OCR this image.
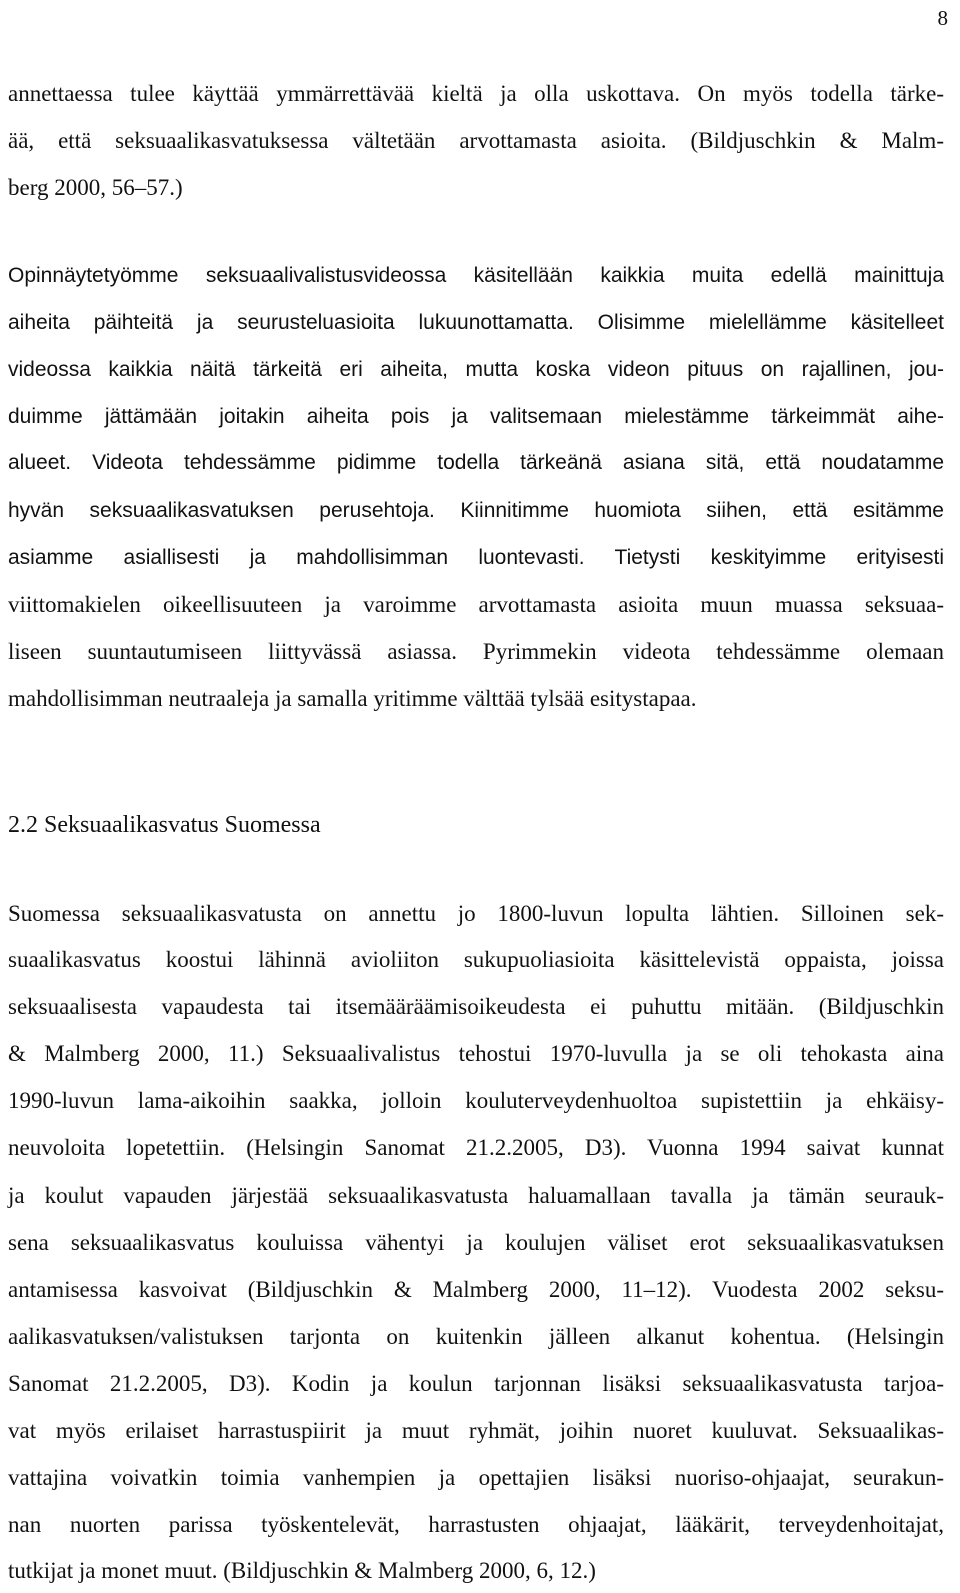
8
annettaessa tulee käyttää ymmärrettävää kieltä ja olla uskottava. On myös todella tärke-
ää, että seksuaalikasvatuksessa vältetään arvottamasta asioita. (Bildjuschkin & Malm-
berg 2000, 56–57.)
Opinnäytetyömme seksuaalivalistusvideossa käsitellään kaikkia muita edellä mainittuja
aiheita päihteitä ja seurusteluasioita lukuunottamatta. Olisimme mielellämme käsitelleet
videossa kaikkia näitä tärkeitä eri aiheita, mutta koska videon pituus on rajallinen, jou-
duimme jättämään joitakin aiheita pois ja valitsemaan mielestämme tärkeimmät aihe-
alueet. Videota tehdessämme pidimme todella tärkeänä asiana sitä, että noudatamme
hyvän seksuaalikasvatuksen perusehtoja. Kiinnitimme huomiota siihen, että esitämme
asiamme asiallisesti ja mahdollisimman luontevasti. Tietysti keskityimme erityisesti
viittomakielen oikeellisuuteen ja varoimme arvottamasta asioita muun muassa seksuaa-
liseen suuntautumiseen liittyvässä asiassa. Pyrimmekin videota tehdessämme olemaan
mahdollisimman neutraaleja ja samalla yritimme välttää tylsää esitystapaa.
2.2 Seksuaalikasvatus Suomessa
Suomessa seksuaalikasvatusta on annettu jo 1800-luvun lopulta lähtien. Silloinen sek-
suaalikasvatus koostui lähinnä avioliiton sukupuoliasioita käsittelevistä oppaista, joissa
seksuaalisesta vapaudesta tai itsemääräämisoikeudesta ei puhuttu mitään. (Bildjuschkin
& Malmberg 2000, 11.) Seksuaalivalistus tehostui 1970-luvulla ja se oli tehokasta aina
1990-luvun lama-aikoihin saakka, jolloin kouluterveydenhuoltoa supistettiin ja ehkäisy-
neuvoloita lopetettiin. (Helsingin Sanomat 21.2.2005, D3). Vuonna 1994 saivat kunnat
ja koulut vapauden järjestää seksuaalikasvatusta haluamallaan tavalla ja tämän seurauk-
sena seksuaalikasvatus kouluissa vähentyi ja koulujen väliset erot seksuaalikasvatuksen
antamisessa kasvoivat (Bildjuschkin & Malmberg 2000, 11–12). Vuodesta 2002 seksu-
aalikasvatuksen/valistuksen tarjonta on kuitenkin jälleen alkanut kohentua. (Helsingin
Sanomat 21.2.2005, D3). Kodin ja koulun tarjonnan lisäksi seksuaalikasvatusta tarjoa-
vat myös erilaiset harrastuspiirit ja muut ryhmät, joihin nuoret kuuluvat. Seksuaalikas-
vattajina voivatkin toimia vanhempien ja opettajien lisäksi nuoriso-ohjaajat, seurakun-
nan nuorten parissa työskentelevät, harrastusten ohjaajat, lääkärit, terveydenhoitajat,
tutkijat ja monet muut. (Bildjuschkin & Malmberg 2000, 6, 12.)
